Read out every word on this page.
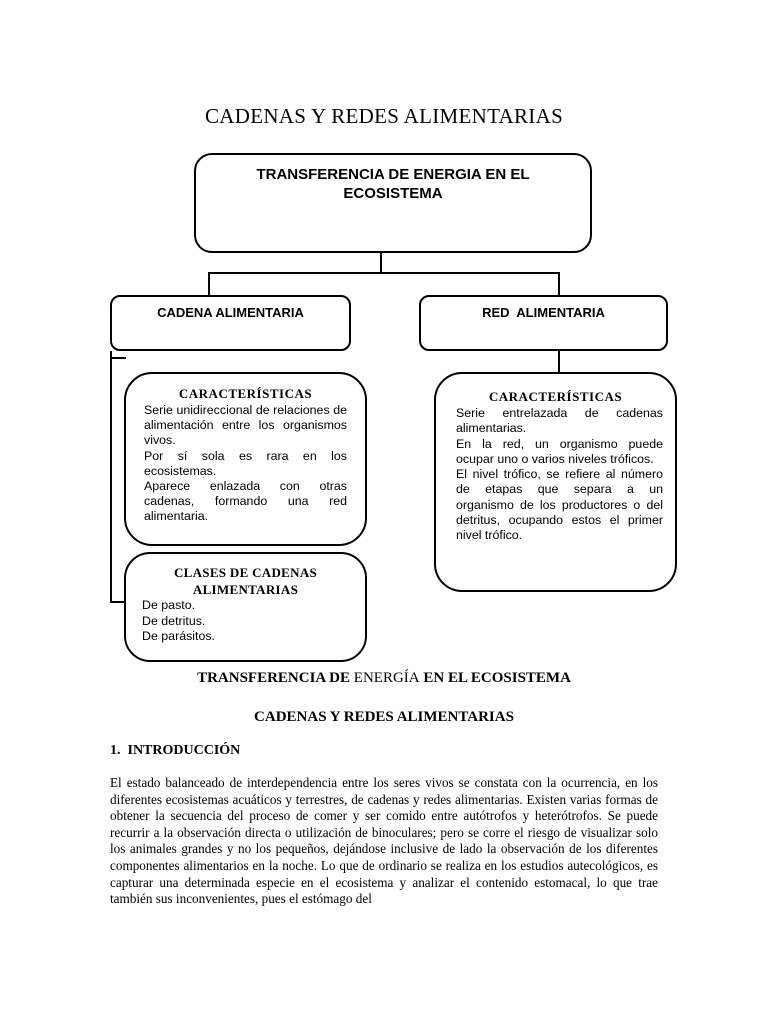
CADENAS Y REDES ALIMENTARIAS
TRANSFERENCIA DE ENERGIA EN EL ECOSISTEMA
CADENA ALIMENTARIA	RED  ALIMENTARIA
CARACTERÍSTICAS
Serie unidireccional de relaciones de alimentación entre los organismos vivos.
Por sí sola es rara en los ecosistemas.
Aparece enlazada con otras cadenas, formando una red alimentaria.
CARACTERÍSTICAS
Serie entrelazada de cadenas alimentarias.
En la red, un organismo puede ocupar uno o varios niveles tróficos.
El nivel trófico, se refiere al número de etapas que separa a un organismo de los productores o del detritus, ocupando estos el primer nivel trófico.
CLASES DE CADENAS
ALIMENTARIAS
De pasto.
De detritus.
De parásitos.
TRANSFERENCIA DE ENERGÍA EN EL ECOSISTEMA
CADENAS Y REDES ALIMENTARIAS
1.  INTRODUCCIÓN
El estado balanceado de interdependencia entre los seres vivos se constata con la ocurrencia, en los diferentes ecosistemas acuáticos y terrestres, de cadenas y redes alimentarias. Existen varias formas de obtener la secuencia del proceso de comer y ser comido entre autótrofos y heterótrofos. Se puede recurrir a la observación directa o utilización de binoculares; pero se corre el riesgo de visualizar solo los animales grandes y no los pequeños, dejándose inclusive de lado la observación de los diferentes componentes alimentarios en la noche. Lo que de ordinario se realiza en los estudios autecológicos, es capturar una determinada especie en el ecosistema y analizar el contenido estomacal, lo que trae también sus inconvenientes, pues el estómago del
